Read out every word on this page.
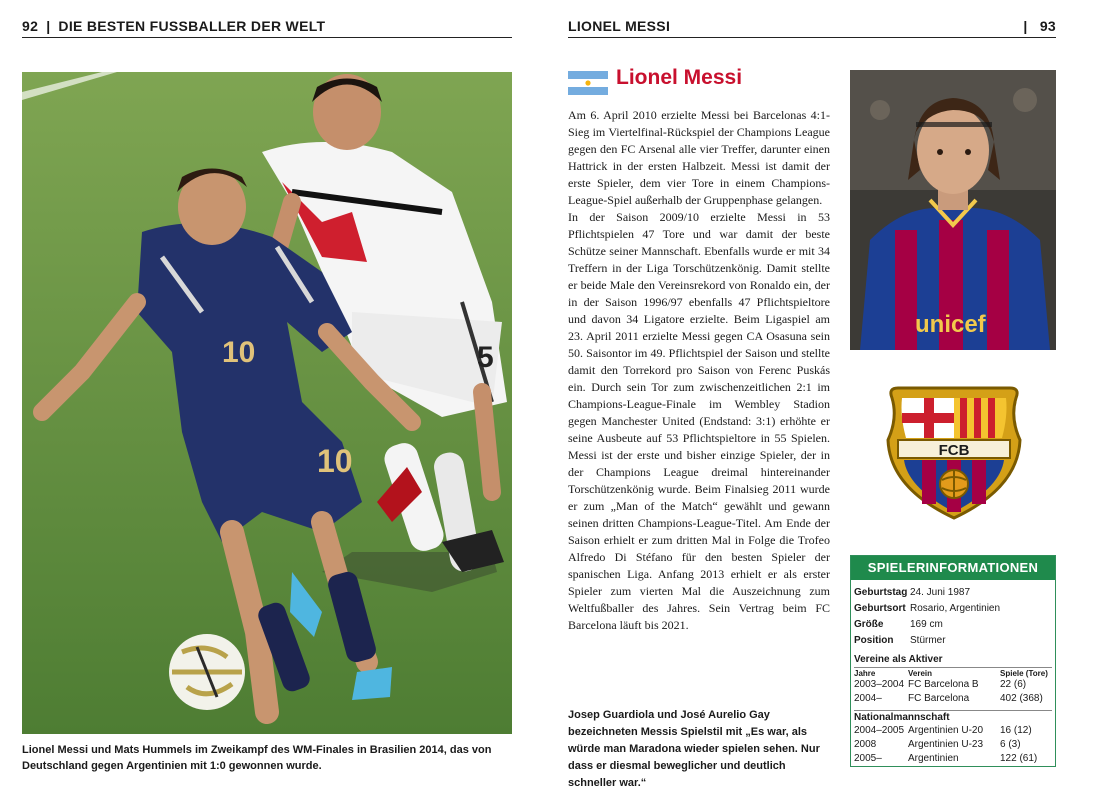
92 | DIE BESTEN FUSSBALLER DER WELT	LIONEL MESSI	| 93
5
10
10
Lionel Messi und Mats Hummels im Zweikampf des WM-Finales in Brasilien 2014, das von Deutschland gegen Argentinien mit 1:0 gewonnen wurde.
Lionel Messi

Am 6. April 2010 erzielte Messi bei Barcelonas 4:1-Sieg im Viertelfinal-Rückspiel der Champions League gegen den FC Arsenal alle vier Treffer, darunter einen Hattrick in der ersten Halbzeit. Messi ist damit der erste Spieler, dem vier Tore in einem Champions-League-Spiel außerhalb der Gruppenphase gelangen.

In der Saison 2009/10 erzielte Messi in 53 Pflichtspielen 47 Tore und war damit der beste Schütze seiner Mannschaft. Ebenfalls wurde er mit 34 Treffern in der Liga Torschützenkönig. Damit stellte er beide Male den Vereinsrekord von Ronaldo ein, der in der Saison 1996/97 ebenfalls 47 Pflichtspieltore und davon 34 Ligatore erzielte. Beim Ligaspiel am 23. April 2011 erzielte Messi gegen CA Osasuna sein 50. Saisontor im 49. Pflichtspiel der Saison und stellte damit den Torrekord pro Saison von Ferenc Puskás ein. Durch sein Tor zum zwischenzeitlichen 2:1 im Champions-League-Finale im Wembley Stadion gegen Manchester United (Endstand: 3:1) erhöhte er seine Ausbeute auf 53 Pflichtspieltore in 55 Spielen. Messi ist der erste und bisher einzige Spieler, der in der Champions League dreimal hintereinander Torschützenkönig wurde. Beim Finalsieg 2011 wurde er zum „Man of the Match“ gewählt und gewann seinen dritten Champions-League-Titel. Am Ende der Saison erhielt er zum dritten Mal in Folge die Trofeo Alfredo Di Stéfano für den besten Spieler der spanischen Liga. Anfang 2013 erhielt er als erster Spieler zum vierten Mal die Auszeichnung zum Weltfußballer des Jahres. Sein Vertrag beim FC Barcelona läuft bis 2021.

Josep Guardiola und José Aurelio Gay bezeichneten Messis Spielstil mit „Es war, als würde man Maradona wieder spielen sehen. Nur dass er diesmal beweglicher und deutlich schneller war.“
unicef
FCB
SPIELERINFORMATIONEN
Geburtstag 24. Juni 1987
Geburtsort Rosario, Argentinien
Größe	169 cm
Position	Stürmer
Vereine als Aktiver
Jahre	Verein	Spiele (Tore)
2003–2004 FC Barcelona B	22 (6)
2004–	FC Barcelona	402 (368)
Nationalmannschaft
2004–2005 Argentinien U-20	16 (12)
2008	Argentinien U-23	6 (3)
2005–	Argentinien	122 (61)
